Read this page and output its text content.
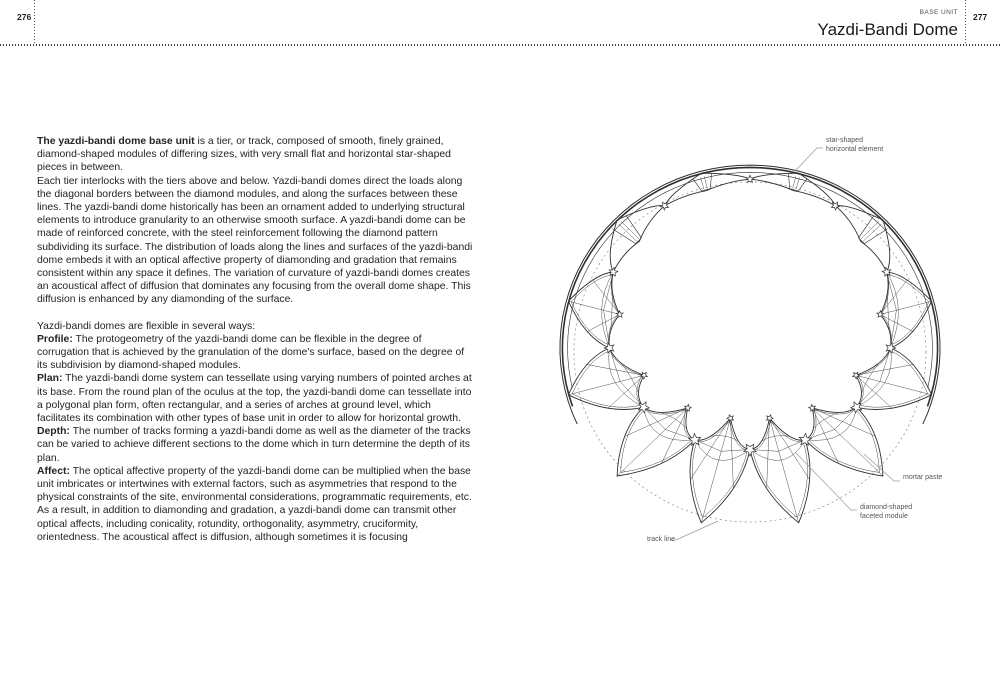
276	BASE UNIT
Yazdi-Bandi Dome
277

The yazdi-bandi dome base unit is a tier, or track, composed of smooth, finely grained, diamond-shaped modules of differing sizes, with very small flat and horizontal star-shaped pieces in between.

Each tier interlocks with the tiers above and below. Yazdi-bandi domes direct the loads along the diagonal borders between the diamond modules, and along the surfaces between these lines. The yazdi-bandi dome historically has been an ornament added to underlying structural elements to introduce granularity to an otherwise smooth surface. A yazdi-bandi dome can be made of reinforced concrete, with the steel reinforcement following the diamond pattern subdividing its surface. The distribution of loads along the lines and surfaces of the yazdi-bandi dome embeds it with an optical affective property of diamonding and gradation that remains consistent within any space it defines. The variation of curvature of yazdi-bandi domes creates an acoustical affect of diffusion that dominates any focusing from the overall dome shape. This diffusion is enhanced by any diamonding of the surface.

Yazdi-bandi domes are flexible in several ways:

Profile: The protogeometry of the yazdi-bandi dome can be flexible in the degree of corrugation that is achieved by the granulation of the dome's surface, based on the degree of its subdivision by diamond-shaped modules.

Plan: The yazdi-bandi dome system can tessellate using varying numbers of pointed arches at its base. From the round plan of the oculus at the top, the yazdi-bandi dome can tessellate into a polygonal plan form, often rectangular, and a series of arches at ground level, which facilitates its combination with other types of base unit in order to allow for horizontal growth.

Depth: The number of tracks forming a yazdi-bandi dome as well as the diameter of the tracks can be varied to achieve different sections to the dome which in turn determine the depth of its plan.

Affect: The optical affective property of the yazdi-bandi dome can be multiplied when the base unit imbricates or intertwines with external factors, such as asymmetries that respond to the physical constraints of the site, environmental considerations, programmatic requirements, etc. As a result, in addition to diamonding and gradation, a yazdi-bandi dome can transmit other optical affects, including conicality, rotundity, orthogonality, asymmetry, cruciformity, orientedness. The acoustical affect is diffusion, although sometimes it is focusing

star-shaped
horizontal element
mortar paste
diamond-shaped
faceted module
track line
